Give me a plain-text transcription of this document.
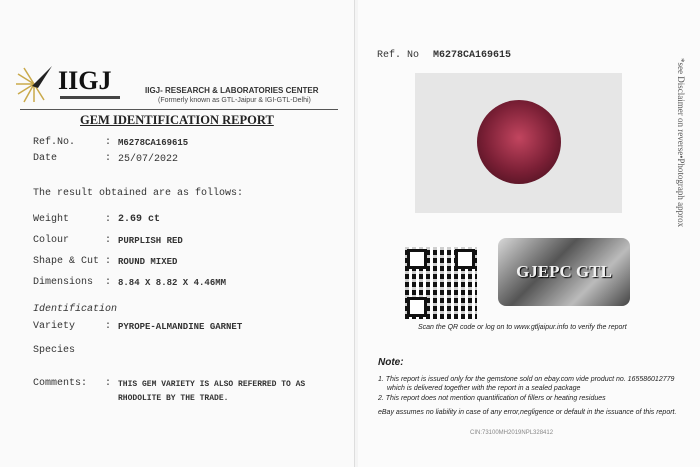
IIGJ	IIGJ- RESEARCH & LABORATORIES CENTER
(Formerly known as GTL-Jaipur & IGI-GTL-Delhi)
GEM IDENTIFICATION REPORT
Ref.No.	: M6278CA169615
Date	: 25/07/2022
The result obtained are as follows:
Weight	: 2.69 ct
Colour	: PURPLISH RED
Shape & Cut : ROUND MIXED
Dimensions : 8.84 X 8.82 X 4.46MM
Identification
Variety	: PYROPE-ALMANDINE GARNET
Species
Comments: : THIS GEM VARIETY IS ALSO REFERRED TO AS
RHODOLITE BY THE TRADE.
Ref. No M6278CA169615
GJEPC GTL
Scan the QR code or log on to www.gtljaipur.info to verify the report
Note:
1. This report is issued only for the gemstone sold on ebay.com vide product no. 165586012779
which is delivered together with the report in a sealed package
2. This report does not mention quantification of fillers or heating residues
eBay assumes no liability in case of any error,negligence or default in the issuance of this report.
CIN:73100MH2019NPL328412
*see Disclaimer on reverse•Photograph approx
